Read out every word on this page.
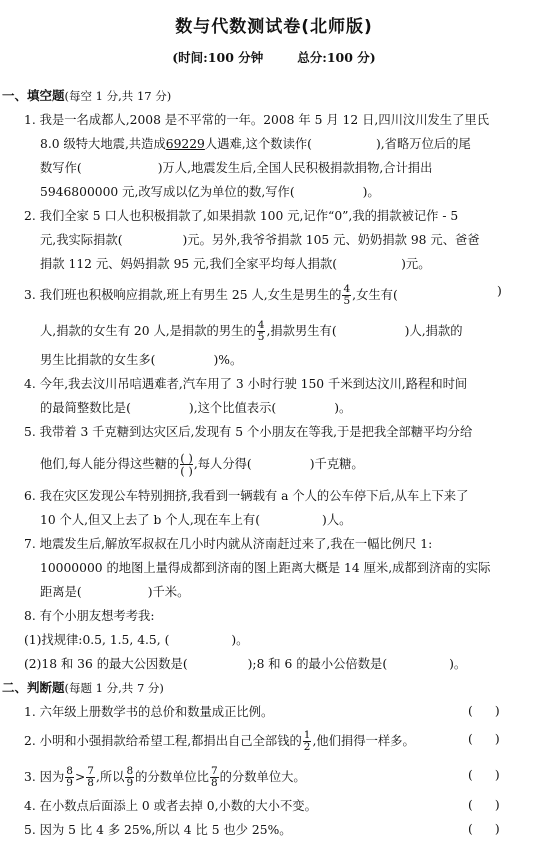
数与代数测试卷(北师版)
(时间:100 分钟	总分:100 分)
一、填空题(每空 1 分,共 17 分)
1. 我是一名成都人,2008 是不平常的一年。2008 年 5 月 12 日,四川汶川发生了里氏
8.0 级特大地震,共造成69229人遇难,这个数读作(	),省略万位后的尾
数写作(	)万人,地震发生后,全国人民积极捐款捐物,合计捐出
5946800000 元,改写成以亿为单位的数,写作(	)。
2. 我们全家 5 口人也积极捐款了,如果捐款 100 元,记作“0”,我的捐款被记作 - 5
元,我实际捐款(	)元。另外,我爷爷捐款 105 元、奶奶捐款 98 元、爸爸
捐款 112 元、妈妈捐款 95 元,我们全家平均每人捐款(	)元。
3. 我们班也积极响应捐款,班上有男生 25 人,女生是男生的 $\frac{4}{5}$ ,女生有(	)
人,捐款的女生有 20 人,是捐款的男生的 $\frac{4}{5}$ ,捐款男生有(	)人,捐款的
男生比捐款的女生多(	)%。
4. 今年,我去汶川吊唁遇难者,汽车用了 3 小时行驶 150 千米到达汶川,路程和时间
的最简整数比是(	),这个比值表示(	)。
5. 我带着 3 千克糖到达灾区后,发现有 5 个小朋友在等我,于是把我全部糖平均分给
他们,每人能分得这些糖的 ( )
( ) ,每人分得(	)千克糖。
6. 我在灾区发现公车特别拥挤,我看到一辆载有 a 个人的公车停下后,从车上下来了
10 个人,但又上去了 b 个人,现在车上有(	)人。
7. 地震发生后,解放军叔叔在几小时内就从济南赶过来了,我在一幅比例尺 1:
10000000 的地图上量得成都到济南的图上距离大概是 14 厘米,成都到济南的实际
距离是(	)千米。
8. 有个小朋友想考考我:
(1)找规律:0.5, 1.5, 4.5, (	)。
(2)18 和 36 的最大公因数是(	);8 和 6 的最小公倍数是(	)。
二、判断题(每题 1 分,共 7 分)
1. 六年级上册数学书的总价和数量成正比例。
2. 小明和小强捐款给希望工程,都捐出自己全部钱的 $\frac{1}{2}$ ,他们捐得一样多。
3. 因为 $\frac{8}{9} > \frac{7}{8}$ ,所以 $\frac{8}{9}$ 的分数单位比 $\frac{7}{8}$ 的分数单位大。
4. 在小数点后面添上 0 或者去掉 0,小数的大小不变。
5. 因为 5 比 4 多 25%,所以 4 比 5 也少 25%。
( )
( )
( )
( )
( )
